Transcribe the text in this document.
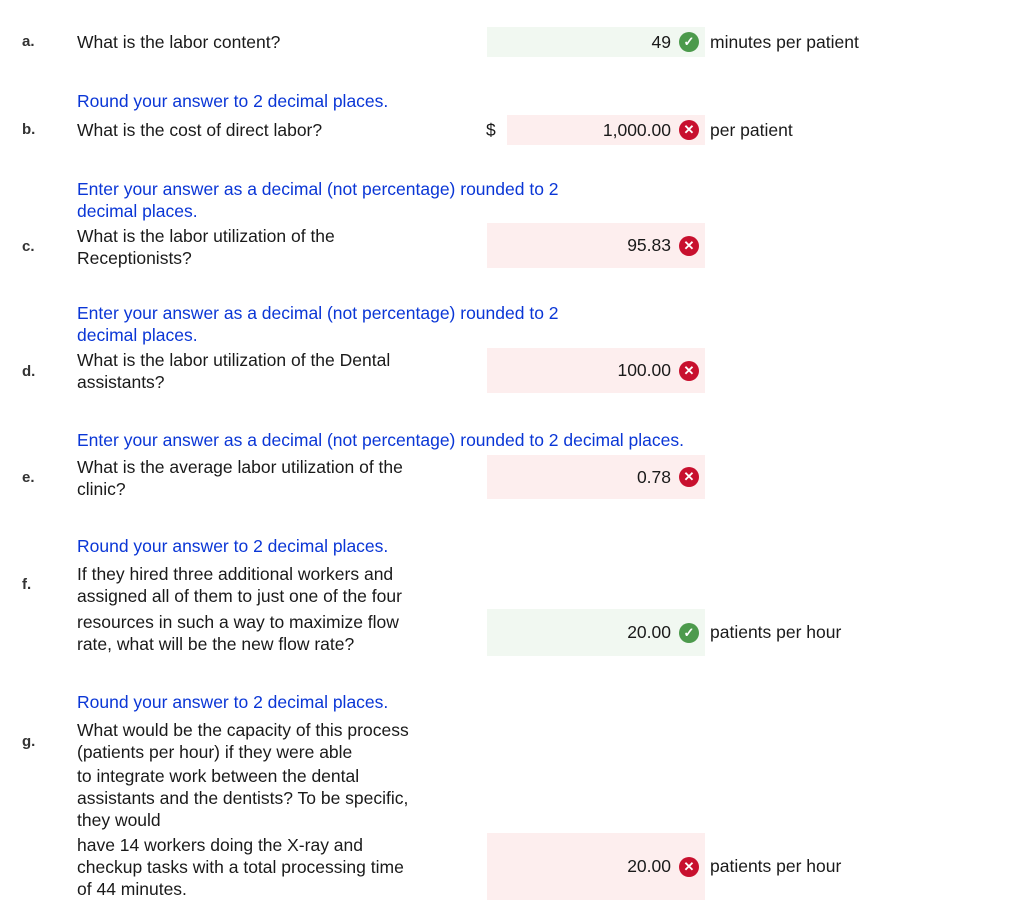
a. What is the labor content?	49 ✓ minutes per patient
Round your answer to 2 decimal places.
b. What is the cost of direct labor?	$	1,000.00 ✕ per patient
Enter your answer as a decimal (not percentage) rounded to 2
decimal places.
c.
What is the labor utilization of the
Receptionists?
95.83 ✕
Enter your answer as a decimal (not percentage) rounded to 2
decimal places.
d.
What is the labor utilization of the Dental
assistants?
100.00 ✕
Enter your answer as a decimal (not percentage) rounded to 2 decimal places.
e.
What is the average labor utilization of the
clinic?
0.78 ✕
Round your answer to 2 decimal places.
f.
If they hired three additional workers and
assigned all of them to just one of the four
resources in such a way to maximize flow
rate, what will be the new flow rate?
20.00 ✓ patients per hour
Round your answer to 2 decimal places.
g.
What would be the capacity of this process
(patients per hour) if they were able
to integrate work between the dental
assistants and the dentists? To be specific,
they would
have 14 workers doing the X-ray and
checkup tasks with a total processing time
of 44 minutes.
20.00 ✕ patients per hour
